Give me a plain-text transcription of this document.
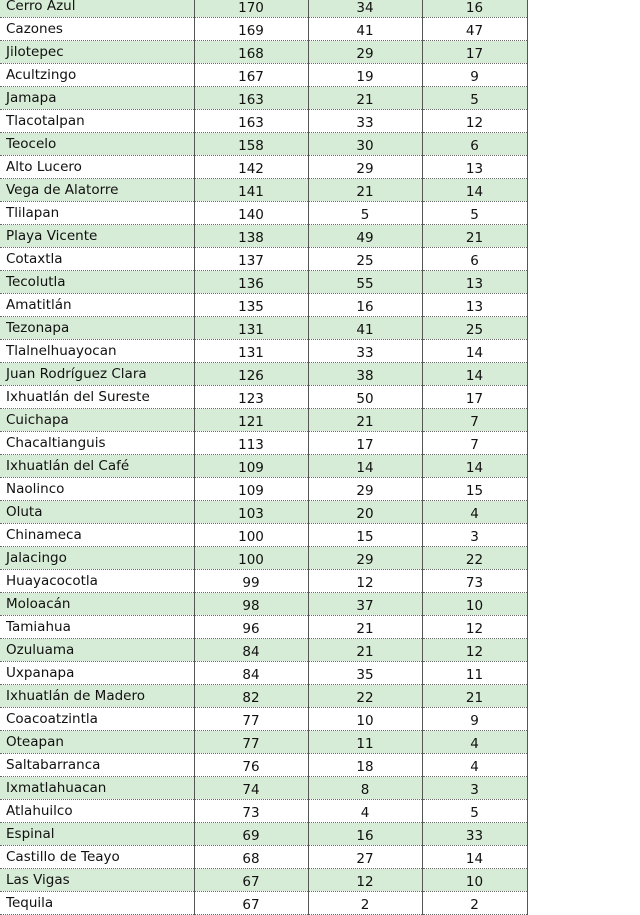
Cerro Azul	170	34	16
Cazones	169	41	47
Jilotepec	168	29	17
Acultzingo	167	19	9
Jamapa	163	21	5
Tlacotalpan	163	33	12
Teocelo	158	30	6
Alto Lucero	142	29	13
Vega de Alatorre	141	21	14
Tlilapan	140	5	5
Playa Vicente	138	49	21
Cotaxtla	137	25	6
Tecolutla	136	55	13
Amatitlán	135	16	13
Tezonapa	131	41	25
Tlalnelhuayocan	131	33	14
Juan Rodríguez Clara	126	38	14
Ixhuatlán del Sureste	123	50	17
Cuichapa	121	21	7
Chacaltianguis	113	17	7
Ixhuatlán del Café	109	14	14
Naolinco	109	29	15
Oluta	103	20	4
Chinameca	100	15	3
Jalacingo	100	29	22
Huayacocotla	99	12	73
Moloacán	98	37	10
Tamiahua	96	21	12
Ozuluama	84	21	12
Uxpanapa	84	35	11
Ixhuatlán de Madero	82	22	21
Coacoatzintla	77	10	9
Oteapan	77	11	4
Saltabarranca	76	18	4
Ixmatlahuacan	74	8	3
Atlahuilco	73	4	5
Espinal	69	16	33
Castillo de Teayo	68	27	14
Las Vigas	67	12	10
Tequila	67	2	2
